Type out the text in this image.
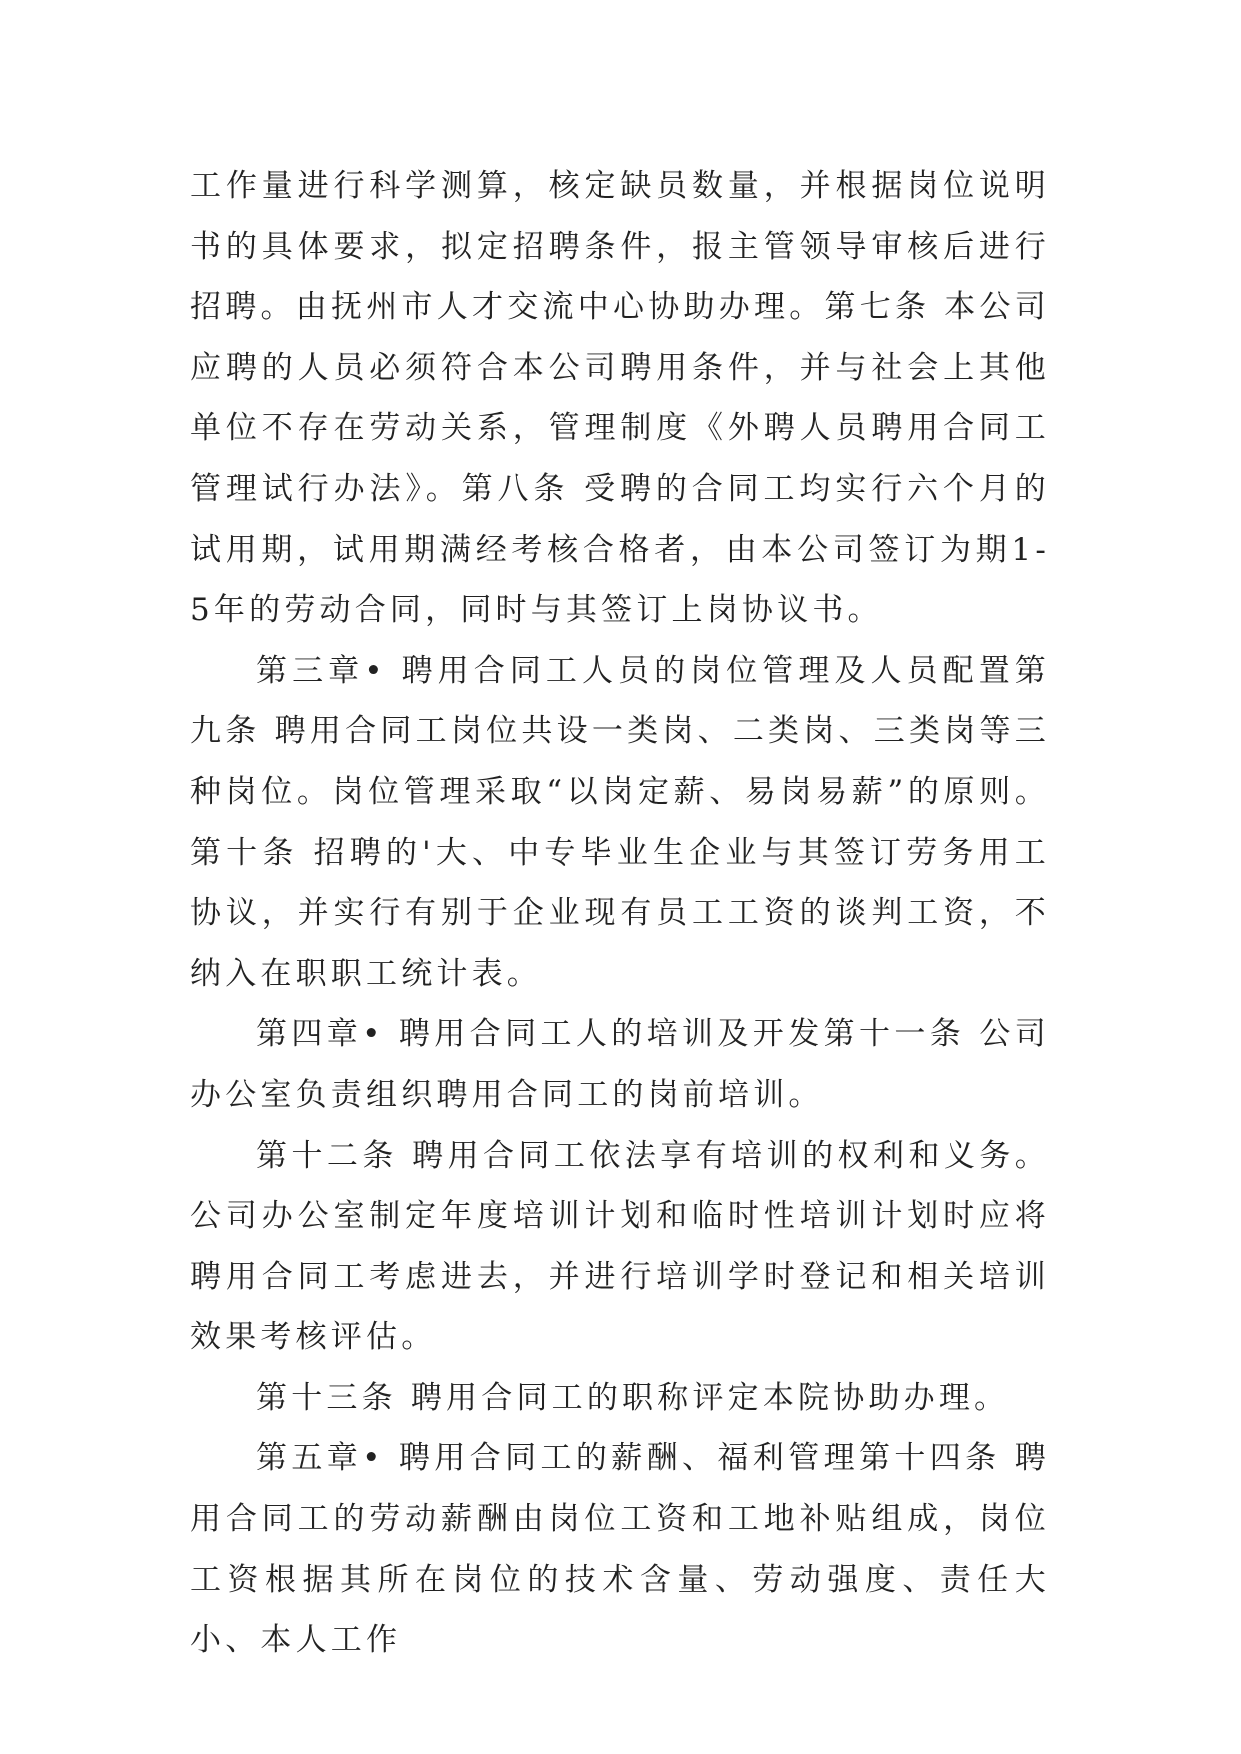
工作量进行科学测算，核定缺员数量，并根据岗位说明书的具体要求，拟定招聘条件，报主管领导审核后进行招聘。由抚州市人才交流中心协助办理。第七条 本公司应聘的人员必须符合本公司聘用条件，并与社会上其他单位不存在劳动关系，管理制度《外聘人员聘用合同工管理试行办法》。第八条 受聘的合同工均实行六个月的试用期，试用期满经考核合格者，由本公司签订为期1-5年的劳动合同，同时与其签订上岗协议书。

第三章• 聘用合同工人员的岗位管理及人员配置第九条 聘用合同工岗位共设一类岗、二类岗、三类岗等三种岗位。岗位管理采取“以岗定薪、易岗易薪”的原则。第十条 招聘的'大、中专毕业生企业与其签订劳务用工协议，并实行有别于企业现有员工工资的谈判工资，不纳入在职职工统计表。

第四章• 聘用合同工人的培训及开发第十一条 公司办公室负责组织聘用合同工的岗前培训。

第十二条 聘用合同工依法享有培训的权利和义务。公司办公室制定年度培训计划和临时性培训计划时应将聘用合同工考虑进去，并进行培训学时登记和相关培训效果考核评估。

第十三条 聘用合同工的职称评定本院协助办理。

第五章• 聘用合同工的薪酬、福利管理第十四条 聘用合同工的劳动薪酬由岗位工资和工地补贴组成，岗位工资根据其所在岗位的技术含量、劳动强度、责任大小、本人工作
